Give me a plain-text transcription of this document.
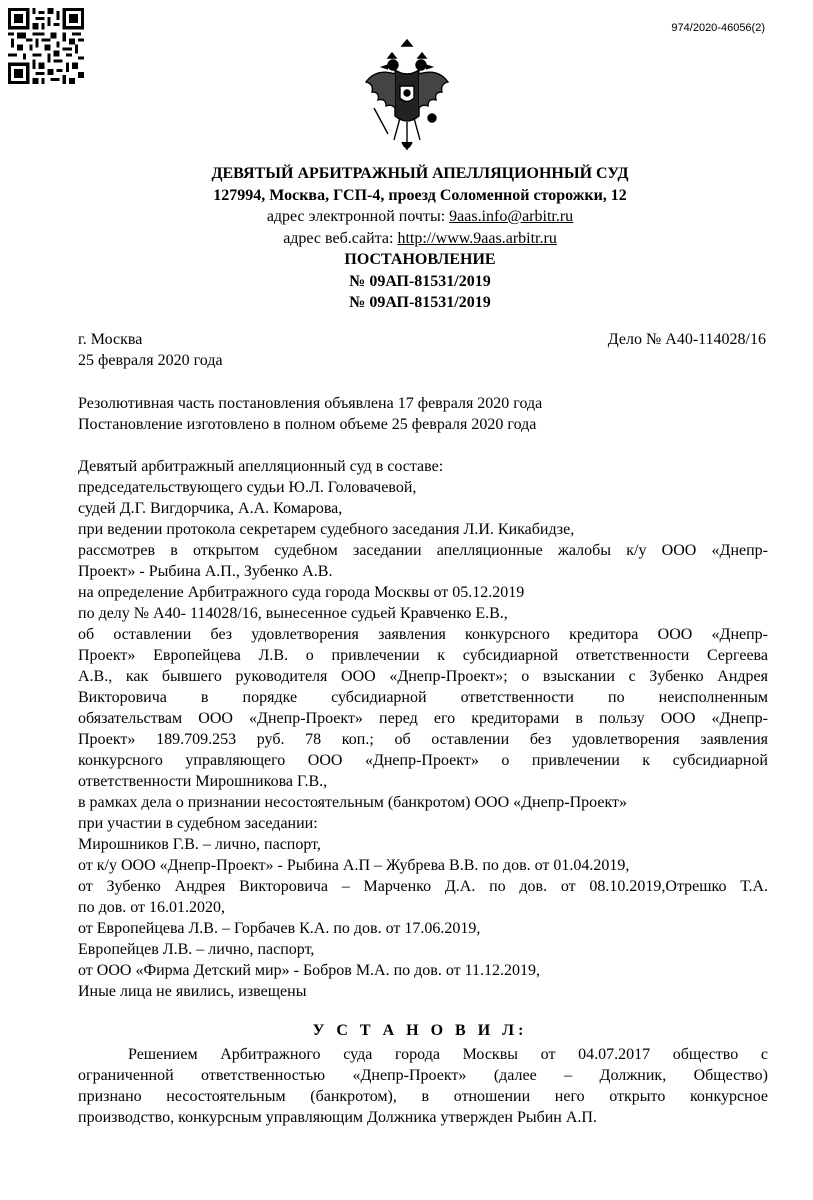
974/2020-46056(2)
ДЕВЯТЫЙ АРБИТРАЖНЫЙ АПЕЛЛЯЦИОННЫЙ СУД
127994, Москва, ГСП-4, проезд Соломенной сторожки, 12
адрес электронной почты: 9aas.info@arbitr.ru
адрес веб.сайта: http://www.9aas.arbitr.ru
ПОСТАНОВЛЕНИЕ
№ 09АП-81531/2019
№ 09АП-81531/2019
г. Москва	Дело № А40-114028/16
25 февраля 2020 года

Резолютивная часть постановления объявлена 17 февраля 2020 года

Постановление изготовлено в полном объеме 25 февраля 2020 года

Девятый арбитражный апелляционный суд в составе:

председательствующего судьи Ю.Л. Головачевой,

судей Д.Г. Вигдорчика, А.А. Комарова,

при ведении протокола секретарем судебного заседания Л.И. Кикабидзе,

рассмотрев в открытом судебном заседании апелляционные жалобы к/у ООО «Днепр-

Проект» - Рыбина А.П., Зубенко А.В.

на определение Арбитражного суда города Москвы от 05.12.2019

по делу № А40- 114028/16, вынесенное судьей Кравченко Е.В.,

об оставлении без удовлетворения заявления конкурсного кредитора ООО «Днепр-

Проект» Европейцева Л.В. о привлечении к субсидиарной ответственности Сергеева

А.В., как бывшего руководителя ООО «Днепр-Проект»; о взыскании с Зубенко Андрея

Викторовича в порядке субсидиарной ответственности по неисполненным

обязательствам ООО «Днепр-Проект» перед его кредиторами в пользу ООО «Днепр-

Проект» 189.709.253 руб. 78 коп.; об оставлении без удовлетворения заявления

конкурсного управляющего ООО «Днепр-Проект» о привлечении к субсидиарной

ответственности Мирошникова Г.В.,

в рамках дела о признании несостоятельным (банкротом) ООО «Днепр-Проект»

при участии в судебном заседании:

Мирошников Г.В. – лично, паспорт,

от к/у ООО «Днепр-Проект» - Рыбина А.П – Жубрева В.В. по дов. от 01.04.2019,

от Зубенко Андрея Викторовича – Марченко Д.А. по дов. от 08.10.2019,Отрешко Т.А.

по дов. от 16.01.2020,

от Европейцева Л.В. – Горбачев К.А. по дов. от 17.06.2019,

Европейцев Л.В. – лично, паспорт,

от ООО «Фирма Детский мир» - Бобров М.А. по дов. от 11.12.2019,

Иные лица не явились, извещены

У С Т А Н О В И Л:

Решением Арбитражного суда города Москвы от 04.07.2017 общество с

ограниченной ответственностью «Днепр-Проект» (далее – Должник, Общество)

признано несостоятельным (банкротом), в отношении него открыто конкурсное

производство, конкурсным управляющим Должника утвержден Рыбин А.П.
